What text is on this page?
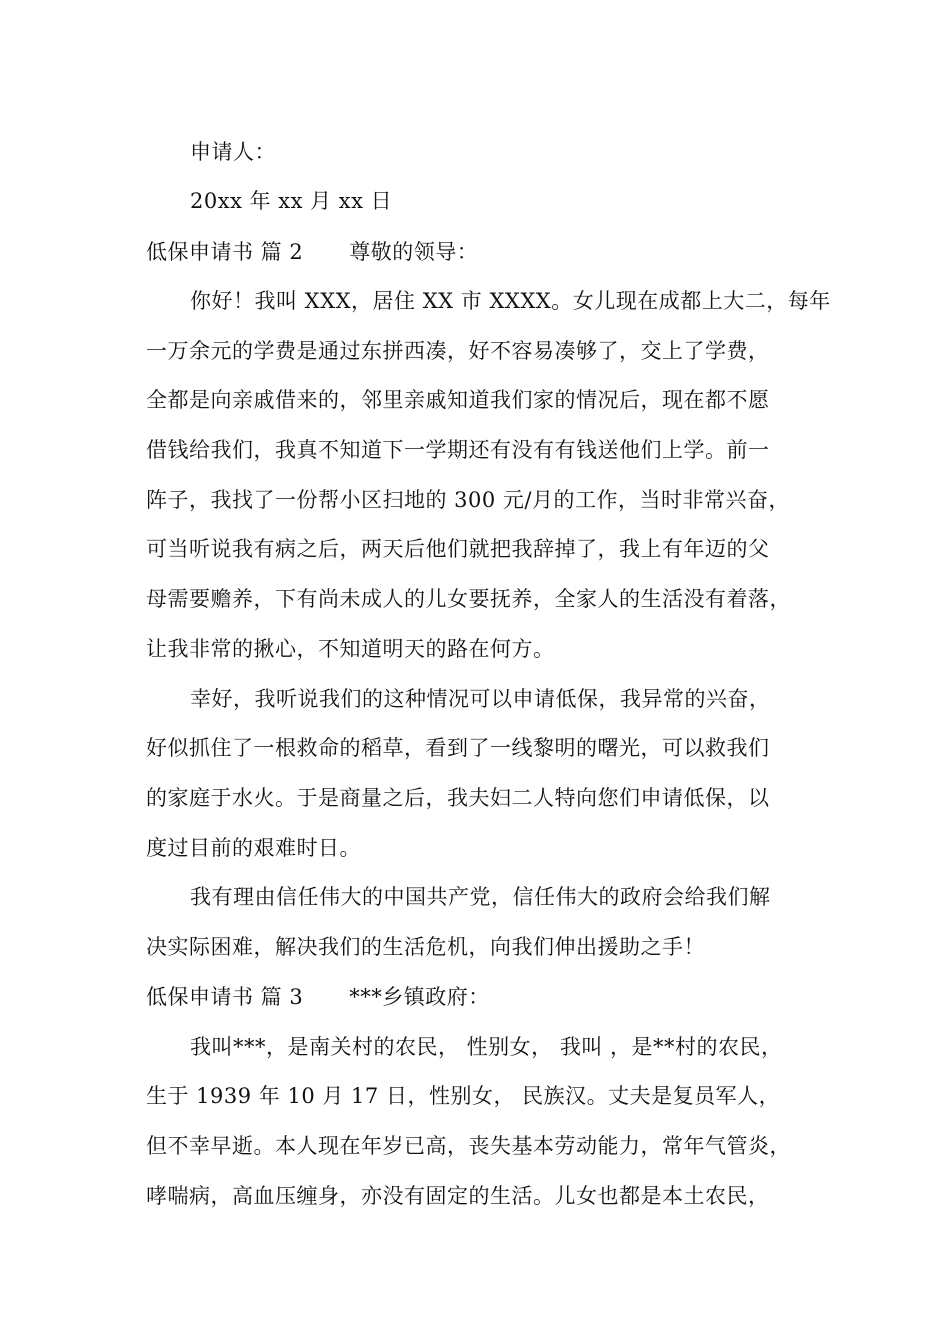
申请人：
20xx 年 xx 月 xx 日
低保申请书 篇 2 尊敬的领导：
你好！我叫 XXX，居住 XX 市 XXXX。女儿现在成都上大二，每年
一万余元的学费是通过东拼西凑，好不容易凑够了，交上了学费，
全都是向亲戚借来的，邻里亲戚知道我们家的情况后，现在都不愿
借钱给我们，我真不知道下一学期还有没有有钱送他们上学。前一
阵子，我找了一份帮小区扫地的 300 元/月的工作，当时非常兴奋，
可当听说我有病之后，两天后他们就把我辞掉了，我上有年迈的父
母需要赡养，下有尚未成人的儿女要抚养，全家人的生活没有着落，
让我非常的揪心，不知道明天的路在何方。
幸好，我听说我们的这种情况可以申请低保，我异常的兴奋，
好似抓住了一根救命的稻草，看到了一线黎明的曙光，可以救我们
的家庭于水火。于是商量之后，我夫妇二人特向您们申请低保，以
度过目前的艰难时日。
我有理由信任伟大的中国共产党，信任伟大的政府会给我们解
决实际困难，解决我们的生活危机，向我们伸出援助之手！
低保申请书 篇 3 ***乡镇政府：
我叫***，是南关村的农民， 性别女， 我叫 ，是**村的农民，
生于 1939 年 10 月 17 日，性别女， 民族汉。丈夫是复员军人，
但不幸早逝。本人现在年岁已高，丧失基本劳动能力，常年气管炎，
哮喘病，高血压缠身，亦没有固定的生活。儿女也都是本土农民，
